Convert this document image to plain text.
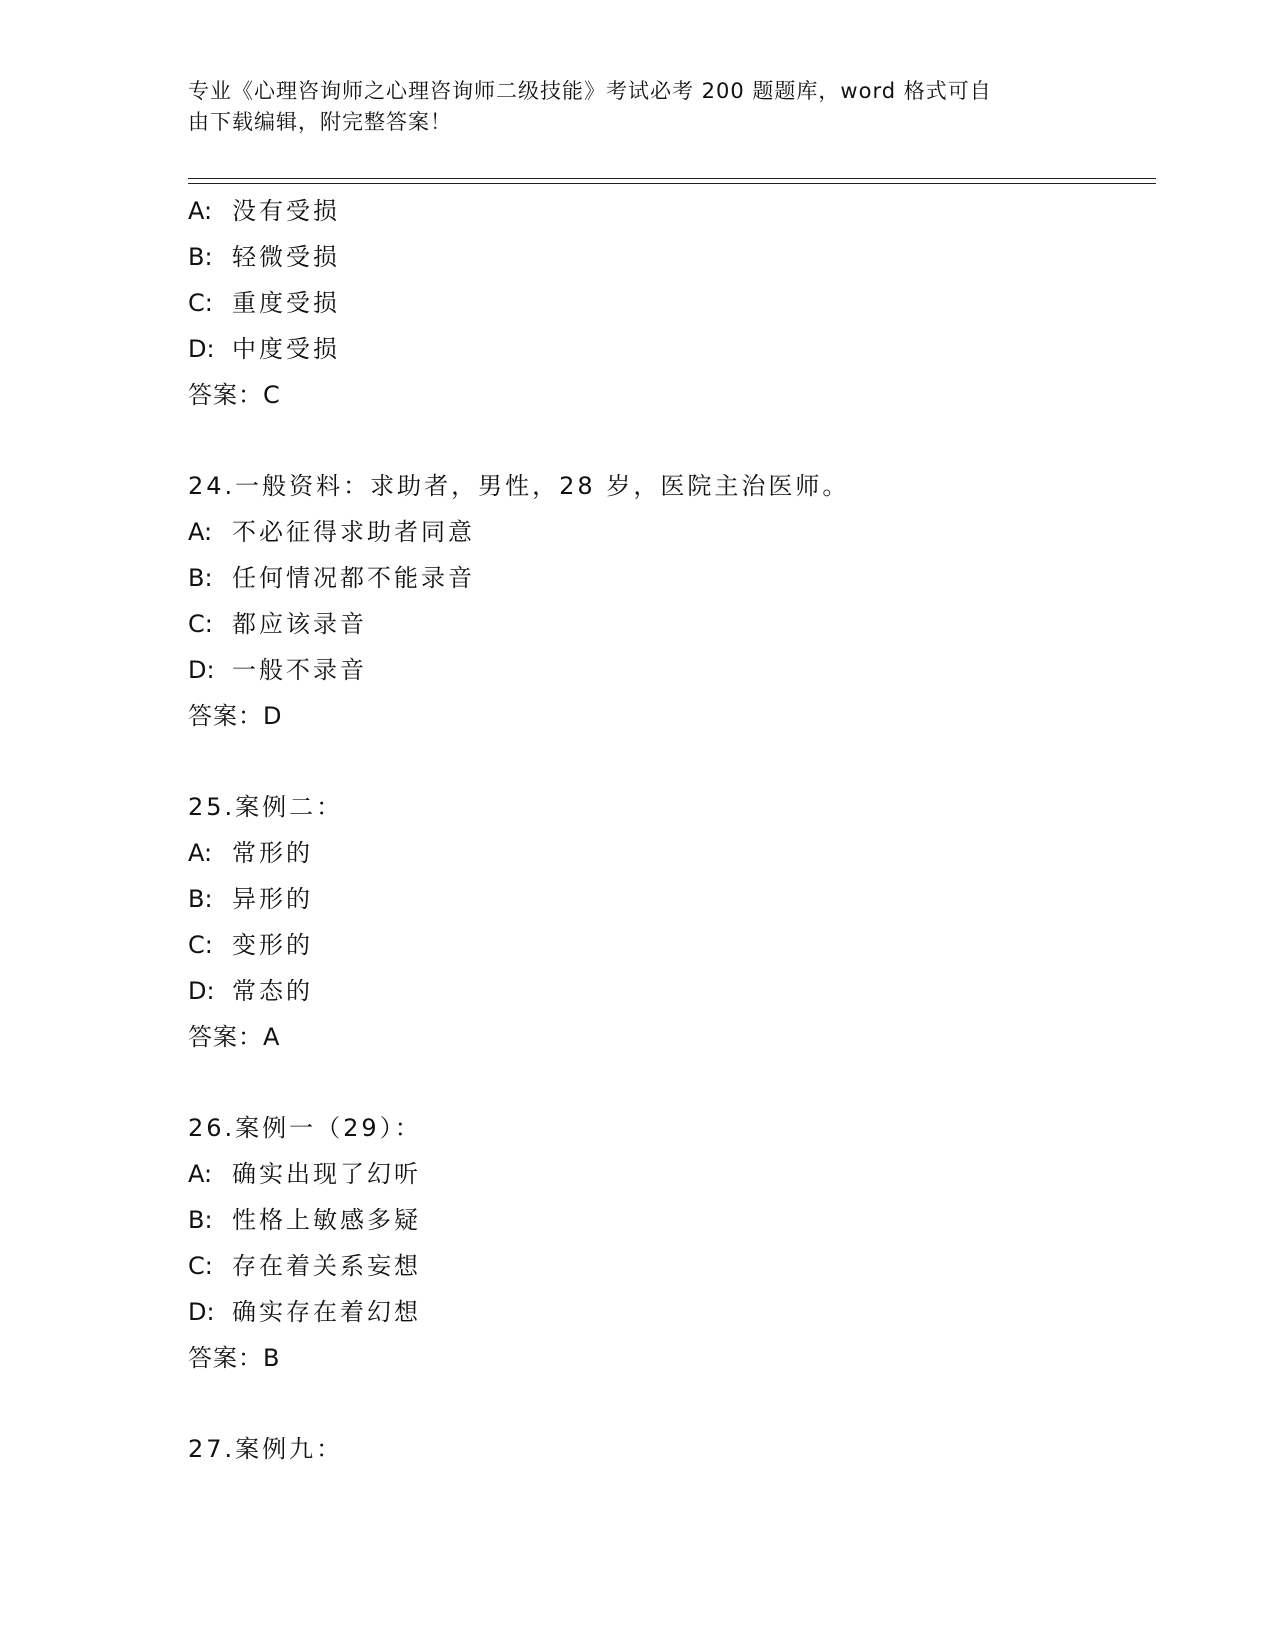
专业《心理咨询师之心理咨询师二级技能》考试必考 200 题题库，word 格式可自
由下载编辑，附完整答案！
A: 没有受损
B: 轻微受损
C: 重度受损
D: 中度受损
答案：C
24.一般资料：求助者，男性，28 岁，医院主治医师。
A: 不必征得求助者同意
B: 任何情况都不能录音
C: 都应该录音
D: 一般不录音
答案：D
25.案例二：
A: 常形的
B: 异形的
C: 变形的
D: 常态的
答案：A
26.案例一（29）：
A: 确实出现了幻听
B: 性格上敏感多疑
C: 存在着关系妄想
D: 确实存在着幻想
答案：B
27.案例九：
